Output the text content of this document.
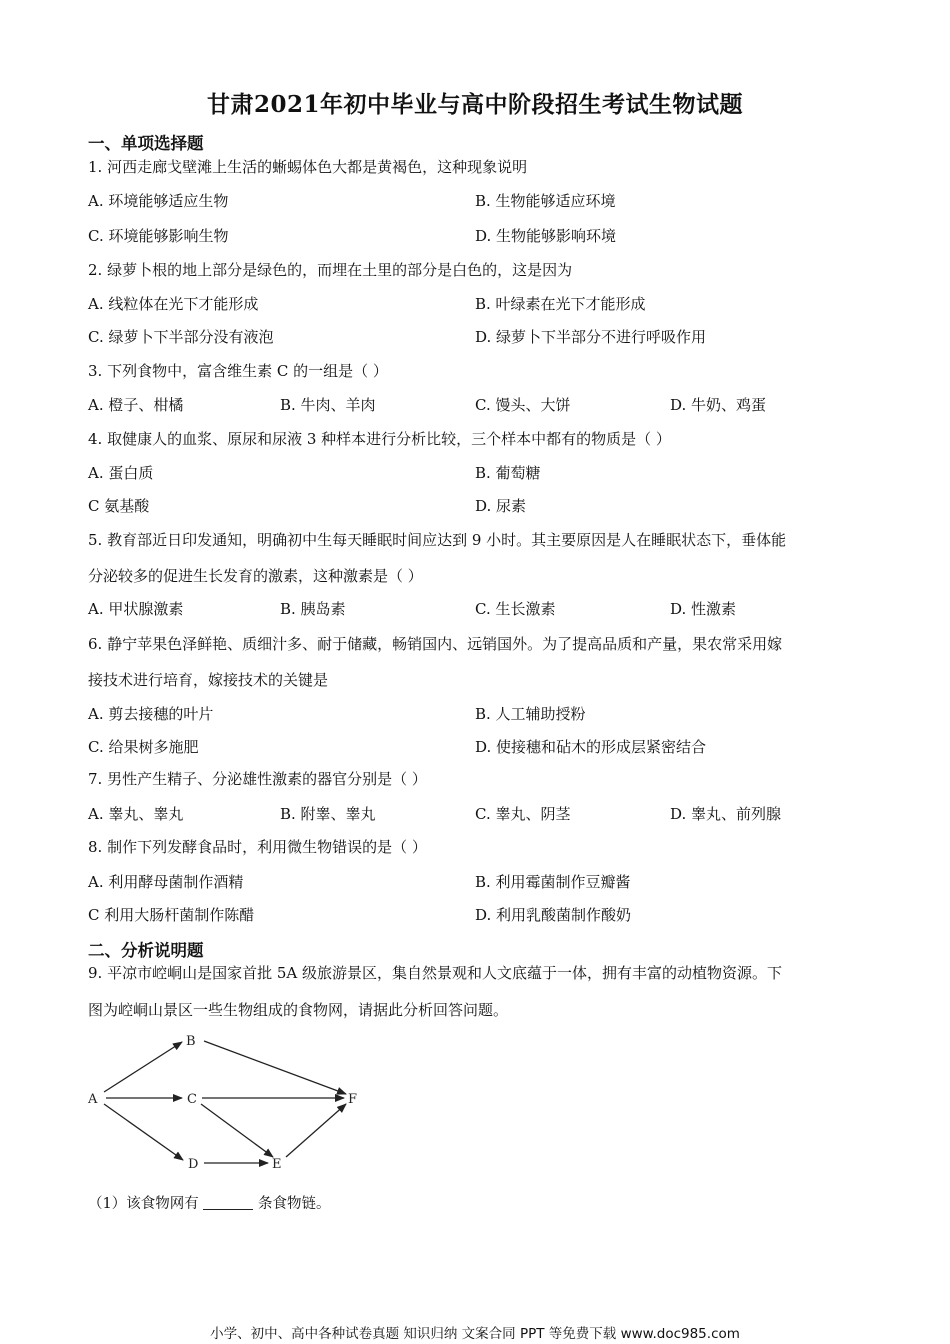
甘肃2021年初中毕业与高中阶段招生考试生物试题
一、单项选择题
1. 河西走廊戈壁滩上生活的蜥蜴体色大都是黄褐色，这种现象说明
A. 环境能够适应生物	B. 生物能够适应环境
C. 环境能够影响生物	D. 生物能够影响环境
2. 绿萝卜根的地上部分是绿色的，而埋在土里的部分是白色的，这是因为
A. 线粒体在光下才能形成	B. 叶绿素在光下才能形成
C. 绿萝卜下半部分没有液泡	D. 绿萝卜下半部分不进行呼吸作用
3. 下列食物中，富含维生素 C 的一组是（ ）
A. 橙子、柑橘	B. 牛肉、羊肉	C. 馒头、大饼	D. 牛奶、鸡蛋
4. 取健康人的血浆、原尿和尿液 3 种样本进行分析比较，三个样本中都有的物质是（ ）
A. 蛋白质	B. 葡萄糖
C 氨基酸	D. 尿素
5. 教育部近日印发通知，明确初中生每天睡眠时间应达到 9 小时。其主要原因是人在睡眠状态下，垂体能
分泌较多的促进生长发育的激素，这种激素是（ ）
A. 甲状腺激素	B. 胰岛素	C. 生长激素	D. 性激素
6. 静宁苹果色泽鲜艳、质细汁多、耐于储藏，畅销国内、远销国外。为了提高品质和产量，果农常采用嫁
接技术进行培育，嫁接技术的关键是
A. 剪去接穗的叶片	B. 人工辅助授粉
C. 给果树多施肥	D. 使接穗和砧木的形成层紧密结合
7. 男性产生精子、分泌雄性激素的器官分别是（ ）
A. 睾丸、睾丸	B. 附睾、睾丸	C. 睾丸、阴茎	D. 睾丸、前列腺
8. 制作下列发酵食品时，利用微生物错误的是（ ）
A. 利用酵母菌制作酒精	B. 利用霉菌制作豆瓣酱
C 利用大肠杆菌制作陈醋	D. 利用乳酸菌制作酸奶
二、分析说明题
9. 平凉市崆峒山是国家首批 5A 级旅游景区，集自然景观和人文底蕴于一体，拥有丰富的动植物资源。下
图为崆峒山景区一些生物组成的食物网，请据此分析回答问题。
A
B
C
D	E
F
（1）该食物网有	条食物链。
小学、初中、高中各种试卷真题 知识归纳 文案合同 PPT 等免费下载 www.doc985.com
